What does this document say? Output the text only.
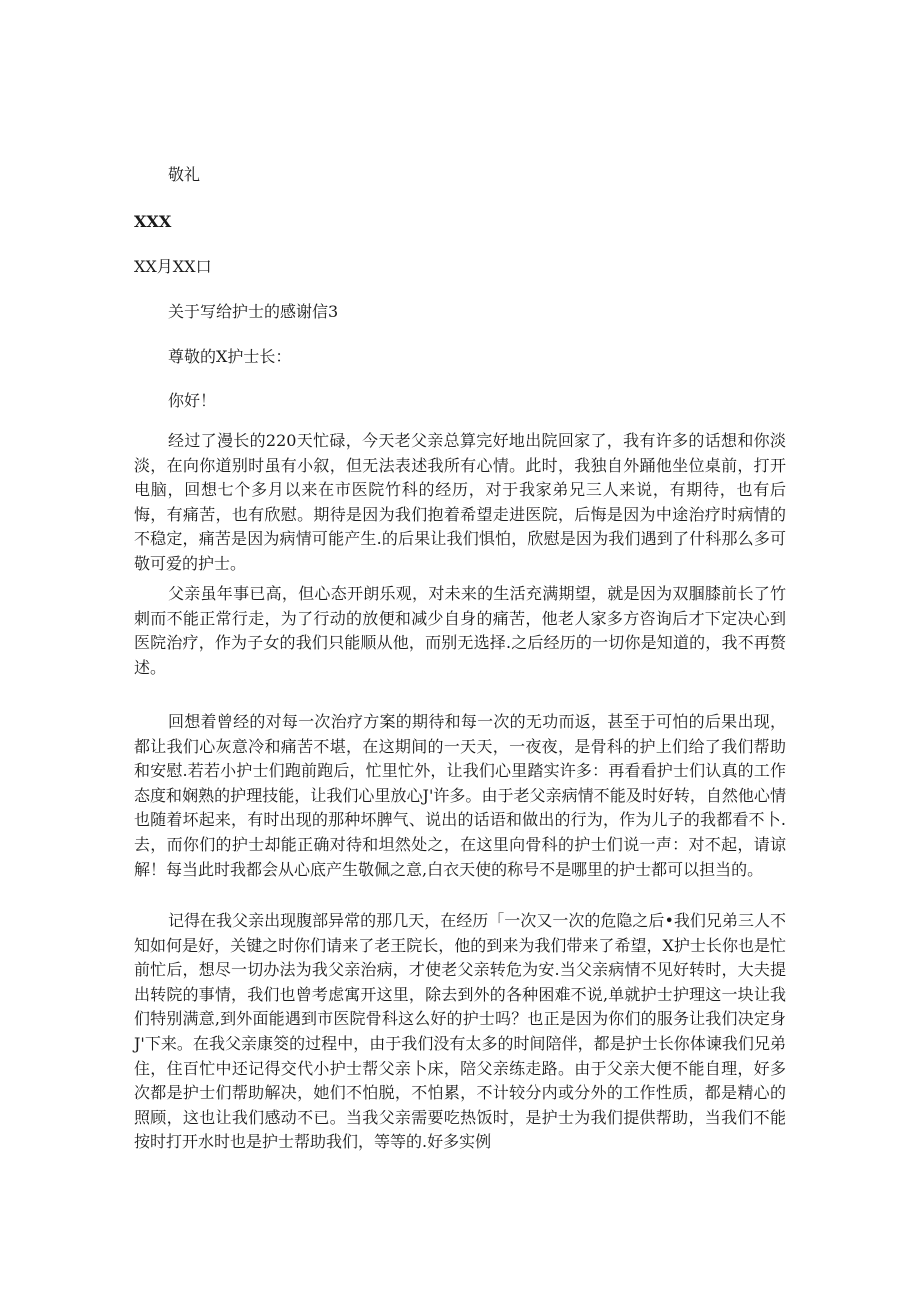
敬礼
XXX
XX月XX口
关于写给护士的感谢信3
尊敬的X护士长：
你好！

经过了漫长的220天忙碌，今天老父亲总算完好地出院回家了，我有许多的话想和你淡淡，在向你道别时虽有小叙，但无法表述我所有心情。此时，我独自外踊他坐位桌前，打开电脑，回想七个多月以来在市医院竹科的经历，对于我家弟兄三人来说，有期待，也有后悔，有痛苦，也有欣慰。期待是因为我们抱着希望走进医院，后悔是因为中途治疗时病情的不稳定，痛苦是因为病情可能产生.的后果让我们惧怕，欣慰是因为我们遇到了什科那么多可敬可爱的护士。

父亲虽年事已高，但心态开朗乐观，对未来的生活充满期望，就是因为双腘膝前长了竹刺而不能正常行走，为了行动的放便和减少自身的痛苦，他老人家多方咨询后才下定决心到医院治疗，作为子女的我们只能顺从他，而别无选择.之后经历的一切你是知道的，我不再赘述。

回想着曾经的对每一次治疗方案的期待和每一次的无功而返，甚至于可怕的后果出现，都让我们心灰意冷和痛苦不堪，在这期间的一天天，一夜夜，是骨科的护上们给了我们帮助和安慰.若若小护士们跑前跑后，忙里忙外，让我们心里踏实许多：再看看护士们认真的工作态度和娴熟的护理技能，让我们心里放心J'许多。由于老父亲病情不能及时好转，自然他心情也随着坏起来，有时出现的那种坏脾气、说出的话语和做出的行为，作为儿子的我都看不卜.去，而你们的护士却能正确对待和坦然处之，在这里向骨科的护士们说一声：对不起，请谅解！每当此时我都会从心底产生敬佩之意,白衣天使的称号不是哪里的护士都可以担当的。

记得在我父亲出现腹部异常的那几天，在经历「一次又一次的危隐之后•我们兄弟三人不知如何是好，关键之时你们请来了老王院长，他的到来为我们带来了希望，X护士长你也是忙前忙后，想尽一切办法为我父亲治病，才使老父亲转危为安.当父亲病情不见好转时，大夫提出转院的事情，我们也曾考虑寓开这里，除去到外的各种困难不说,单就护士护理这一块让我们特别满意,到外面能遇到市医院骨科这么好的护士吗？也正是因为你们的服务让我们决定身J'下来。在我父亲康筊的过程中，由于我们没有太多的时间陪伴，都是护士长你体谏我们兄弟住，住百忙中还记得交代小护士帮父亲卜床，陪父亲练走路。由于父亲大便不能自理，好多次都是护士们帮助解决，她们不怕脱，不怕累，不计较分内或分外的工作性质，都是精心的照顾，这也让我们感动不已。当我父亲需要吃热饭时，是护士为我们提供帮助，当我们不能按时打开水时也是护士帮助我们，等等的.好多实例
